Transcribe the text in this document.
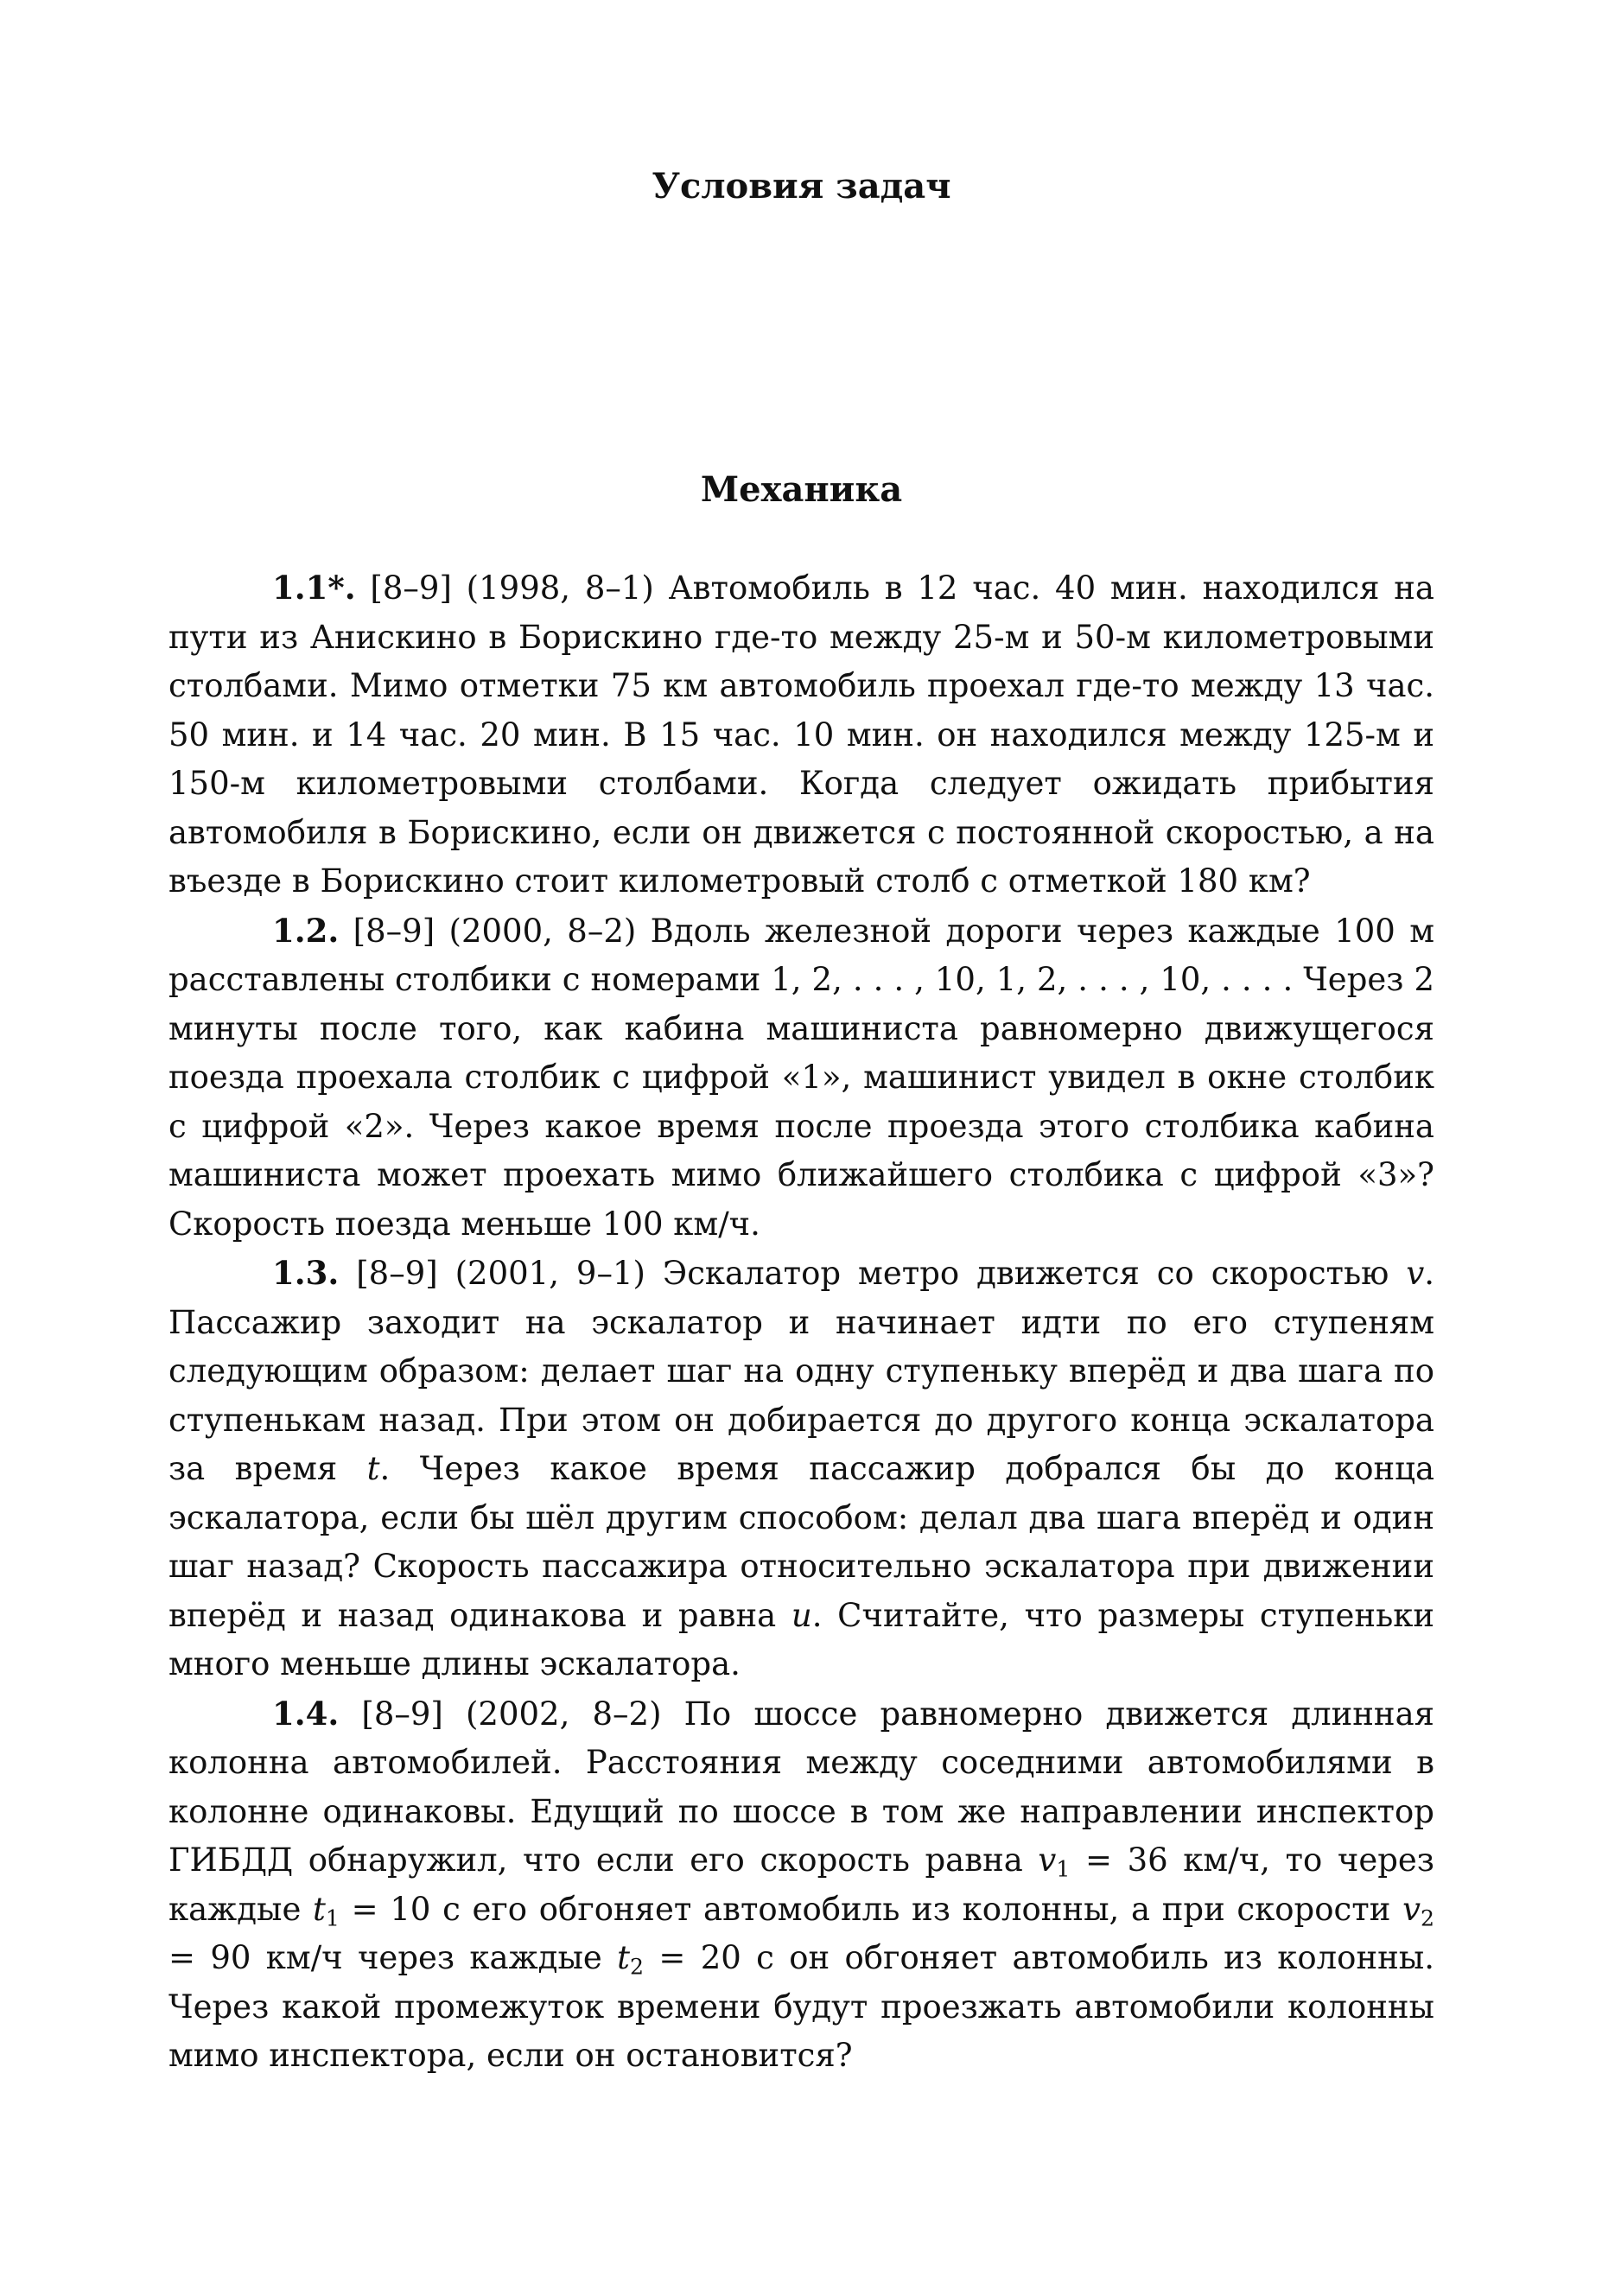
Условия задач
Механика

1.1*. [8–9] (1998, 8–1) Автомобиль в 12 час. 40 мин. находился на пути из Анискино в Борискино где-то между 25-м и 50-м километровыми столбами. Мимо отметки 75 км автомобиль проехал где-то между 13 час. 50 мин. и 14 час. 20 мин. В 15 час. 10 мин. он находился между 125-м и 150-м километровыми столбами. Когда следует ожидать прибытия автомобиля в Борискино, если он движется с постоянной скоростью, а на въезде в Борискино стоит километровый столб с отметкой 180 км?

1.2. [8–9] (2000, 8–2) Вдоль железной дороги через каждые 100 м расставлены столбики с номерами 1, 2, . . . , 10, 1, 2, . . . , 10, . . . . Через 2 минуты после того, как кабина машиниста равномерно движущегося поезда проехала столбик с цифрой «1», машинист увидел в окне столбик с цифрой «2». Через какое время после проезда этого столбика кабина машиниста может проехать мимо ближайшего столбика с цифрой «3»? Скорость поезда меньше 100 км/ч.

1.3. [8–9] (2001, 9–1) Эскалатор метро движется со скоростью v. Пассажир заходит на эскалатор и начинает идти по его ступеням следующим образом: делает шаг на одну ступеньку вперёд и два шага по ступенькам назад. При этом он добирается до другого конца эскалатора за время t. Через какое время пассажир добрался бы до конца эскалатора, если бы шёл другим способом: делал два шага вперёд и один шаг назад? Скорость пассажира относительно эскалатора при движении вперёд и назад одинакова и равна u. Считайте, что размеры ступеньки много меньше длины эскалатора.

1.4. [8–9] (2002, 8–2) По шоссе равномерно движется длинная колонна автомобилей. Расстояния между соседними автомобилями в колонне одинаковы. Едущий по шоссе в том же направлении инспектор ГИБДД обнаружил, что если его скорость равна $v_1 = 36$ км/ч, то через каждые $t_1 = 10$ с его обгоняет автомобиль из колонны, а при скорости $v_2 = 90$ км/ч через каждые $t_2 = 20$ с он обгоняет автомобиль из колонны. Через какой промежуток времени будут проезжать автомобили колонны мимо инспектора, если он остановится?
